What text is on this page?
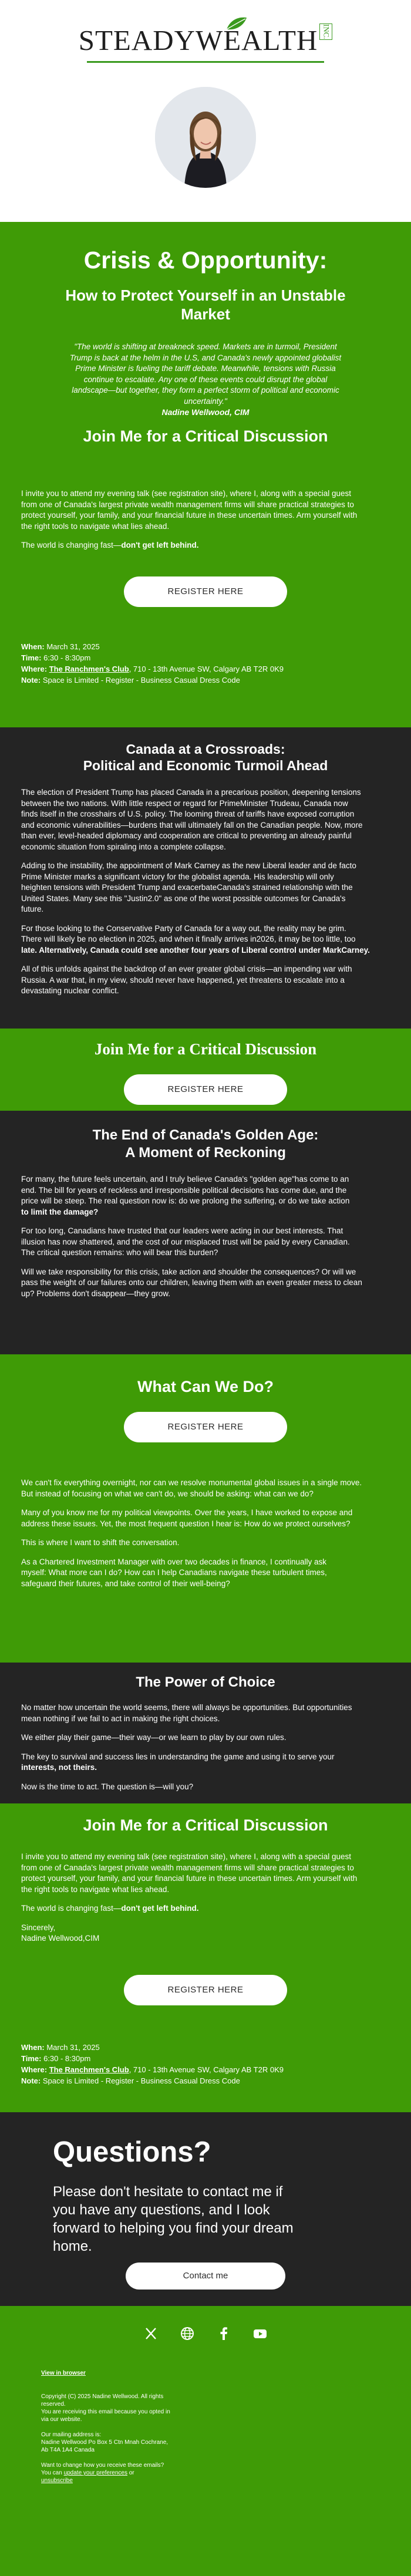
STEADYWEALTH INC.
Crisis & Opportunity:
How to Protect Yourself in an Unstable
Market
"The world is shifting at breakneck speed. Markets are in turmoil, President
Trump is back at the helm in the U.S, and Canada's newly appointed globalist
Prime Minister is fueling the tariff debate. Meanwhile, tensions with Russia
continue to escalate. Any one of these events could disrupt the global
landscape—but together, they form a perfect storm of political and economic
uncertainty."
Nadine Wellwood, CIM
Join Me for a Critical Discussion

I invite you to attend my evening talk (see registration site), where I, along with a special guest

from one of Canada's largest private wealth management firms will share practical strategies to

protect yourself, your family, and your financial future in these uncertain times. Arm yourself with

the right tools to navigate what lies ahead.

The world is changing fast—don't get left behind.

REGISTER HERE

When: March 31, 2025

Time: 6:30 - 8:30pm

Where: The Ranchmen's Club, 710 - 13th Avenue SW, Calgary AB T2R 0K9

Note: Space is Limited - Register - Business Casual Dress Code

Canada at a Crossroads:
Political and Economic Turmoil Ahead

The election of President Trump has placed Canada in a precarious position, deepening tensions

between the two nations. With little respect or regard for PrimeMinister Trudeau, Canada now

finds itself in the crosshairs of U.S. policy. The looming threat of tariffs have exposed corruption

and economic vulnerabilities—burdens that will ultimately fall on the Canadian people. Now, more

than ever, level-headed diplomacy and cooperation are critical to preventing an already painful

economic situation from spiraling into a complete collapse.

Adding to the instability, the appointment of Mark Carney as the new Liberal leader and de facto

Prime Minister marks a significant victory for the globalist agenda. His leadership will only

heighten tensions with President Trump and exacerbateCanada's strained relationship with the

United States. Many see this "Justin2.0" as one of the worst possible outcomes for Canada's

future.

For those looking to the Conservative Party of Canada for a way out, the reality may be grim.

There will likely be no election in 2025, and when it finally arrives in2026, it may be too little, too

late. Alternatively, Canada could see another four years of Liberal control under MarkCarney.

All of this unfolds against the backdrop of an ever greater global crisis—an impending war with

Russia. A war that, in my view, should never have happened, yet threatens to escalate into a

devastating nuclear conflict.

Join Me for a Critical Discussion
REGISTER HERE
The End of Canada's Golden Age:
A Moment of Reckoning

For many, the future feels uncertain, and I truly believe Canada's "golden age"has come to an

end. The bill for years of reckless and irresponsible political decisions has come due, and the

price will be steep. The real question now is: do we prolong the suffering, or do we take action

to limit the damage?

For too long, Canadians have trusted that our leaders were acting in our best interests. That

illusion has now shattered, and the cost of our misplaced trust will be paid by every Canadian.

The critical question remains: who will bear this burden?

Will we take responsibility for this crisis, take action and shoulder the consequences? Or will we

pass the weight of our failures onto our children, leaving them with an even greater mess to clean

up? Problems don't disappear—they grow.

What Can We Do?
REGISTER HERE

We can't fix everything overnight, nor can we resolve monumental global issues in a single move.

But instead of focusing on what we can't do, we should be asking: what can we do?

Many of you know me for my political viewpoints. Over the years, I have worked to expose and

address these issues. Yet, the most frequent question I hear is: How do we protect ourselves?

This is where I want to shift the conversation.

As a Chartered Investment Manager with over two decades in finance, I continually ask

myself: What more can I do? How can I help Canadians navigate these turbulent times,

safeguard their futures, and take control of their well-being?

The Power of Choice

No matter how uncertain the world seems, there will always be opportunities. But opportunities

mean nothing if we fail to act in making the right choices.

We either play their game—their way—or we learn to play by our own rules.

The key to survival and success lies in understanding the game and using it to serve your

interests, not theirs.

Now is the time to act. The question is—will you?

Join Me for a Critical Discussion

I invite you to attend my evening talk (see registration site), where I, along with a special guest

from one of Canada's largest private wealth management firms will share practical strategies to

protect yourself, your family, and your financial future in these uncertain times. Arm yourself with

the right tools to navigate what lies ahead.

The world is changing fast—don't get left behind.

Sincerely,

Nadine Wellwood,CIM

REGISTER HERE

When: March 31, 2025

Time: 6:30 - 8:30pm

Where: The Ranchmen's Club, 710 - 13th Avenue SW, Calgary AB T2R 0K9

Note: Space is Limited - Register - Business Casual Dress Code

Questions?
Please don't hesitate to contact me if
you have any questions, and I look
forward to helping you find your dream
home.
Contact me
View in browser

Copyright (C) 2025 Nadine Wellwood. All rights

reserved.

You are receiving this email because you opted in

via our website.

Our mailing address is:

Nadine Wellwood Po Box 5 Ctn Mnah Cochrane,

Ab T4A 1A4 Canada

Want to change how you receive these emails?

You can update your preferences or

unsubscribe
